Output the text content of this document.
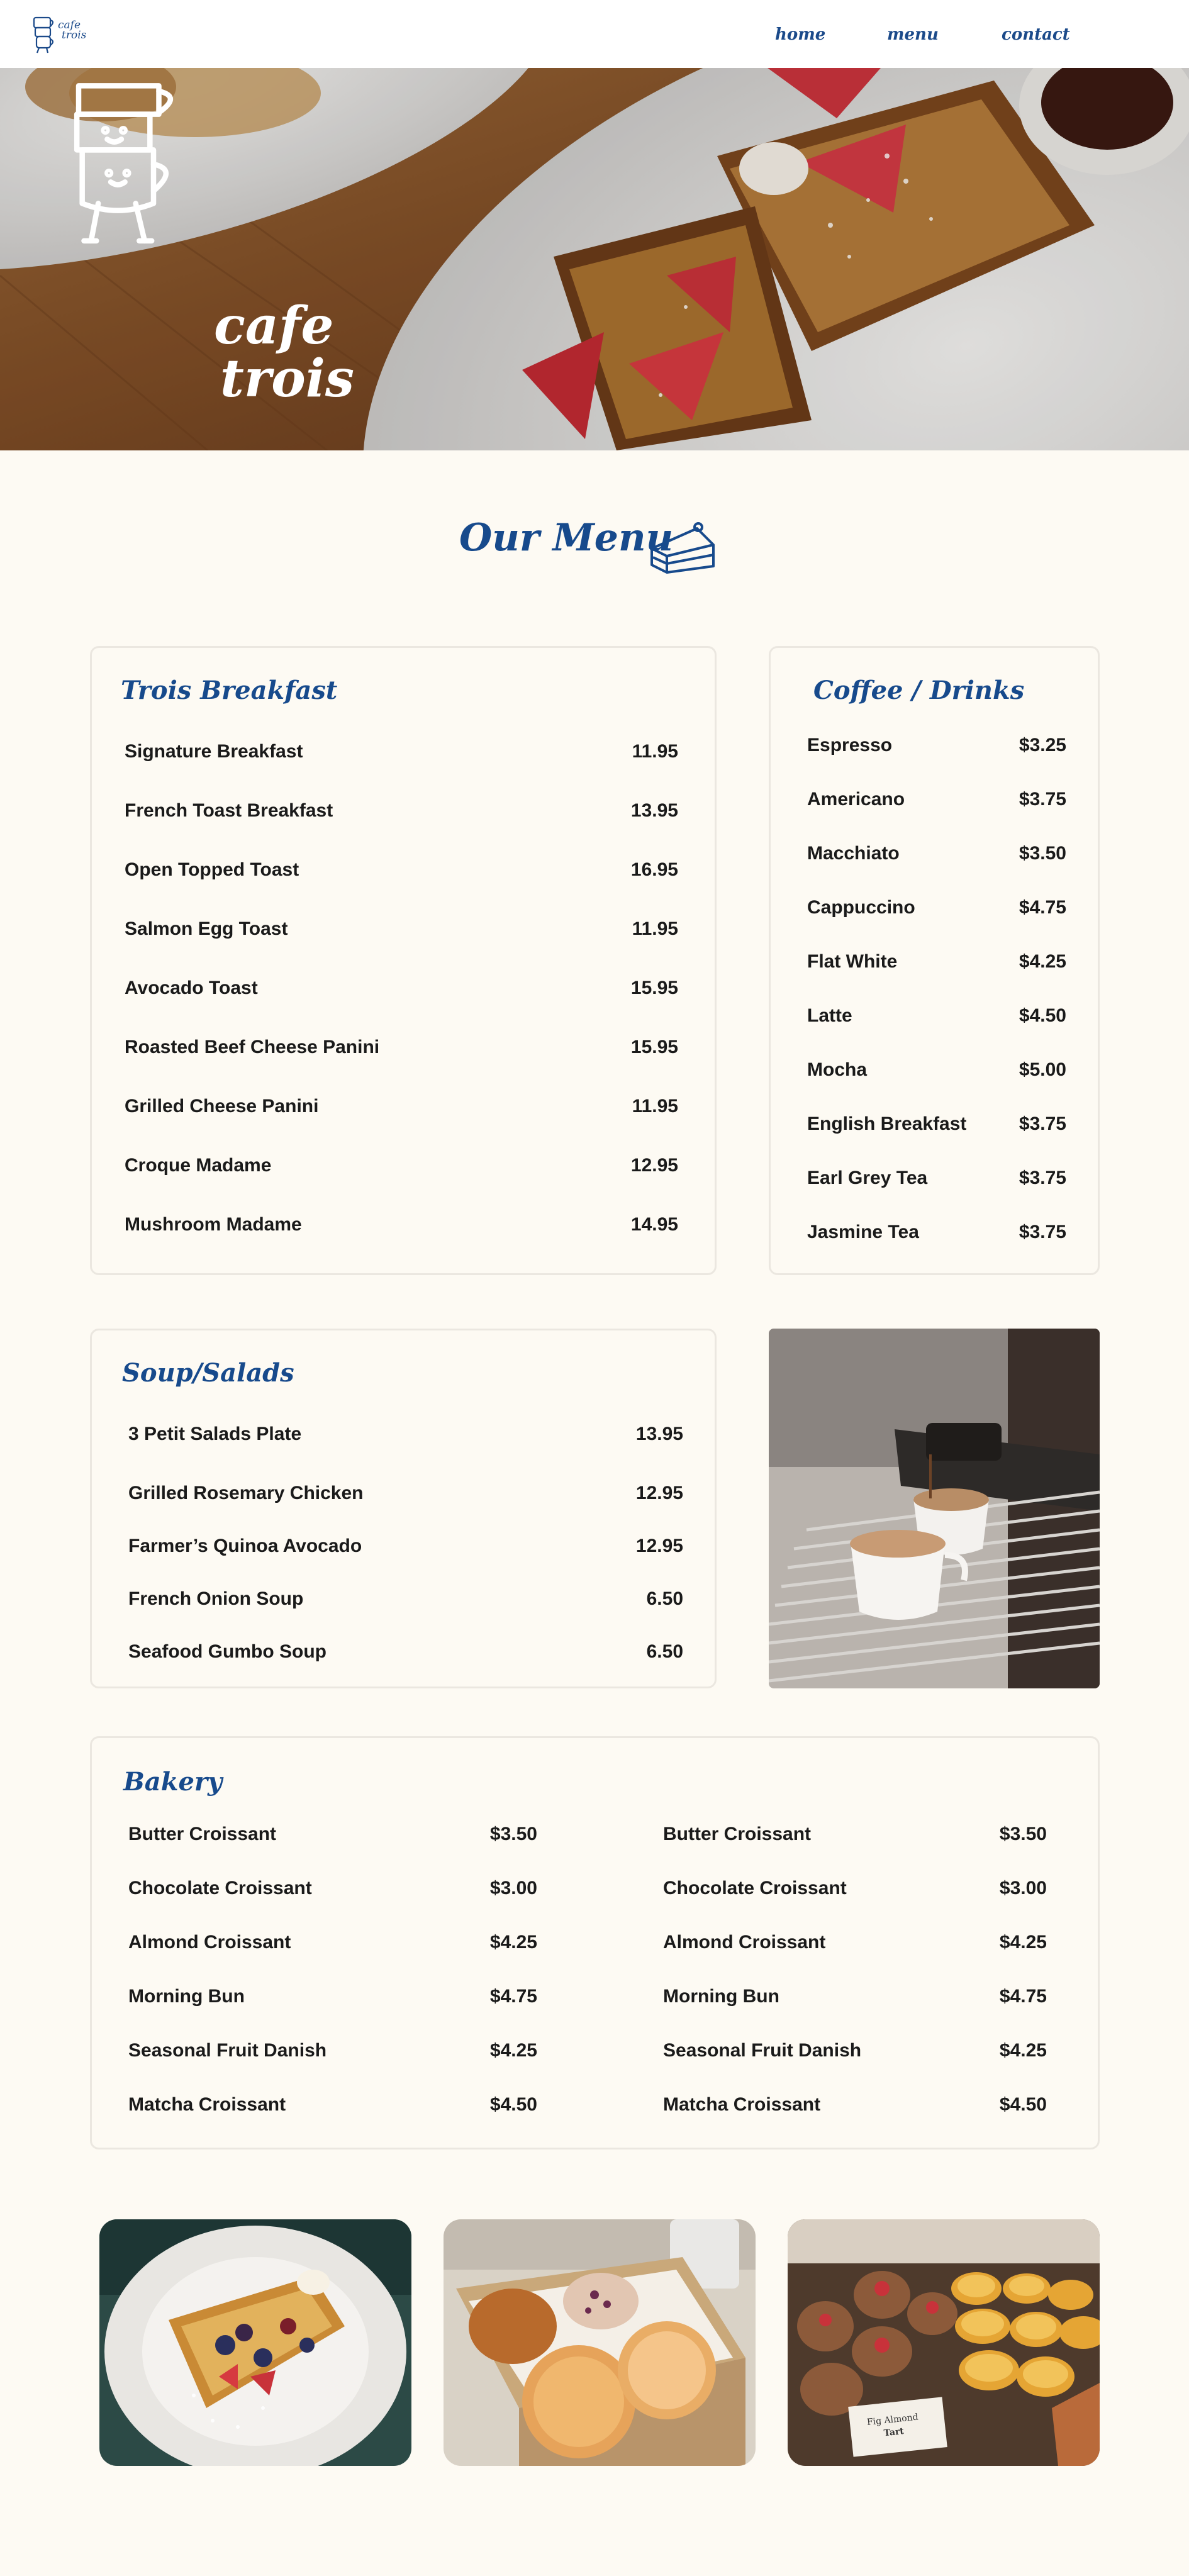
cafe
trois	home	menu	contact
cafe
trois
Our Menu
Trois Breakfast
Signature Breakfast	11.95
French Toast Breakfast	13.95
Open Topped Toast	16.95
Salmon Egg Toast	11.95
Avocado Toast	15.95
Roasted Beef Cheese Panini	15.95
Grilled Cheese Panini	11.95
Croque Madame	12.95
Mushroom Madame	14.95
Coffee / Drinks
Espresso	$3.25
Americano	$3.75
Macchiato	$3.50
Cappuccino	$4.75
Flat White	$4.25
Latte	$4.50
Mocha	$5.00
English Breakfast	$3.75
Earl Grey Tea	$3.75
Jasmine Tea	$3.75
Soup/Salads
3 Petit Salads Plate	13.95
Grilled Rosemary Chicken	12.95
Farmer’s Quinoa Avocado	12.95
French Onion Soup	6.50
Seafood Gumbo Soup	6.50
Bakery
Butter Croissant	$3.50
Chocolate Croissant	$3.00
Almond Croissant	$4.25
Morning Bun	$4.75
Seasonal Fruit Danish	$4.25
Matcha Croissant	$4.50
Butter Croissant	$3.50
Chocolate Croissant	$3.00
Almond Croissant	$4.25
Morning Bun	$4.75
Seasonal Fruit Danish	$4.25
Matcha Croissant	$4.50
Fig Almond
Tart
